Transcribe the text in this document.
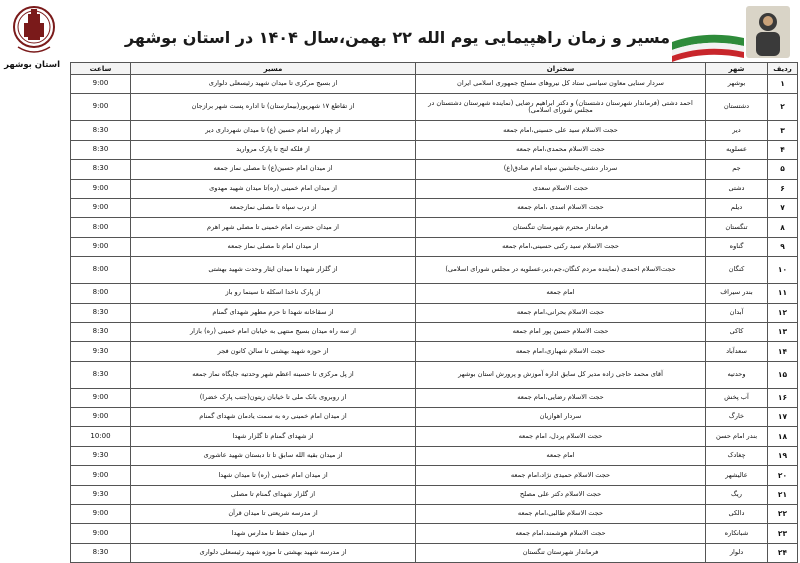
استان بوشهر
مسیر و زمان راهپیمایی یوم الله ۲۲ بهمن،سال ۱۴۰۴ در استان بوشهر
ردیف	شهر	سخنران	مسیر	ساعت
۱	بوشهر	سردار سنایی معاون سیاسی ستاد کل نیروهای مسلح جمهوری اسلامی ایران	از بسیج مرکزی تا میدان شهید رئیسعلی دلواری	9:00
۲	دشتستان	احمد دشتی (فرماندار شهرستان دشتستان) و دکتر ابراهیم رضایی (نماینده شهرستان دشتستان در مجلس شورای اسلامی)	از تقاطع ۱۷ شهریور(بیمارستان) تا اداره پست شهر برازجان	9:00
۳	دیر	حجت الاسلام سید علی حسینی،امام جمعه	از چهار راه امام حسین (ع) تا میدان شهرداری دیر	8:30
۴	عسلویه	حجت الاسلام محمدی،امام جمعه	از فلکه لنج تا پارک مروارید	8:30
۵	جم	سردار دشتی،جانشین سپاه امام صادق(ع)	از میدان امام حسین(ع) تا مصلی نماز جمعه	8:30
۶	دشتی	حجت الاسلام سعدی	از میدان امام خمینی (ره)تا میدان شهید مهدوی	9:00
۷	دیلم	حجت الاسلام اسدی ،امام جمعه	از درب سپاه تا مصلی نمازجمعه	9:00
۸	تنگستان	فرماندار محترم شهرستان تنگستان	از میدان حضرت امام خمینی تا مصلی شهر اهرم	8:00
۹	گناوه	حجت الاسلام سید رکنی حسینی،امام جمعه	از میدان امام تا مصلی نماز جمعه	9:00
۱۰	کنگان	حجت‌الاسلام احمدی (نماینده مردم کنگان،جم،دیر،عسلویه در مجلس شورای اسلامی)	از گلزار شهدا تا میدان ایثار وحدت شهید بهشتی	8:00
۱۱	بندر سیراف	امام جمعه	از پارک ناخدا اسکله تا سینما رو باز	8:00
۱۲	آبدان	حجت الاسلام بحرانی،امام جمعه	از سقاخانه شهدا تا حرم مطهر شهدای گمنام	8:30
۱۳	کاکی	حجت الاسلام حسین پور امام جمعه	از سه راه میدان بسیج منتهی به خیابان امام خمینی (ره) بازار	8:30
۱۴	سعدآباد	حجت الاسلام شهبازی،امام جمعه	از حوزه شهید بهشتی تا سالن کانون فجر	9:30
۱۵	وحدتیه	آقای محمد حاجی زاده مدیر کل سابق اداره آموزش و پرورش استان بوشهر	از پل مرکزی تا حسینه اعظم شهر وحدتیه جایگاه نماز جمعه	8:30
۱۶	آب پخش	حجت الاسلام رضایی،امام جمعه	از روبروی بانک ملی تا خیابان زیتون(جنب پارک خضرا)	9:00
۱۷	خارگ	سردار اهوازیان	از میدان امام خمینی ره به سمت یادمان شهدای گمنام	9:00
۱۸	بندر امام حسن	حجت الاسلام پردل، امام جمعه	از شهدای گمنام تا گلزار شهدا	10:00
۱۹	چغادک	امام جمعه	از میدان بقیه الله سابق تا تا دبستان شهید عاشوری	9:30
۲۰	عالیشهر	حجت الاسلام حمیدی نژاد،امام جمعه	از میدان امام خمینی (ره) تا میدان شهدا	9:00
۲۱	ریگ	حجت الاسلام دکتر علی مصلح	از گلزار شهدای گمنام تا مصلی	9:30
۲۲	دالکی	حجت الاسلام طالبی،امام جمعه	از مدرسه شریعتی تا میدان قرآن	9:00
۲۳	شبانکاره	حجت الاسلام هوشمند،امام جمعه	از میدان حفظ تا مدارس شهدا	9:00
۲۴	دلوار	فرماندار شهرستان تنگستان	از مدرسه شهید بهشتی تا موزه شهید رئیسعلی دلواری	8:30
